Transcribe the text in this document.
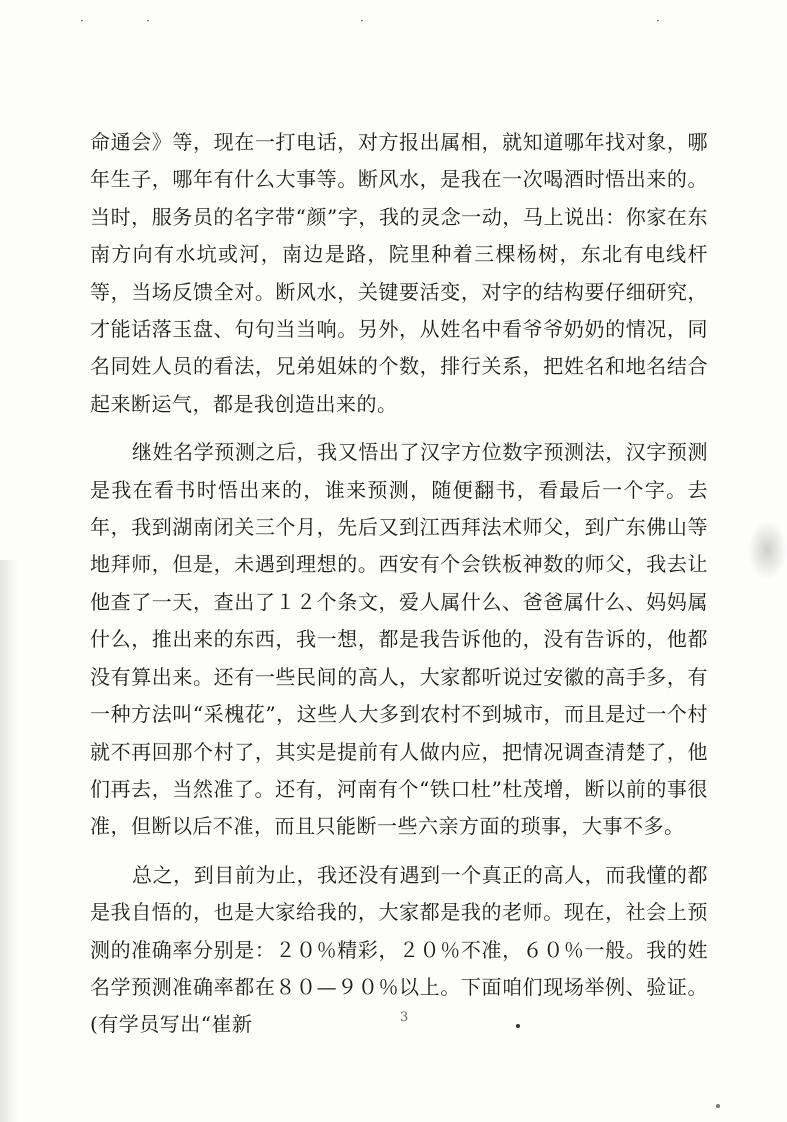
·	·	·	·

命通会》等，现在一打电话，对方报出属相，就知道哪年找对象，哪年生子，哪年有什么大事等。断风水，是我在一次喝酒时悟出来的。当时，服务员的名字带“颜”字，我的灵念一动，马上说出：你家在东南方向有水坑或河，南边是路，院里种着三棵杨树，东北有电线杆等，当场反馈全对。断风水，关键要活变，对字的结构要仔细研究，才能话落玉盘、句句当当响。另外，从姓名中看爷爷奶奶的情况，同名同姓人员的看法，兄弟姐妹的个数，排行关系，把姓名和地名结合起来断运气，都是我创造出来的。

继姓名学预测之后，我又悟出了汉字方位数字预测法，汉字预测是我在看书时悟出来的，谁来预测，随便翻书，看最后一个字。去年，我到湖南闭关三个月，先后又到江西拜法术师父，到广东佛山等地拜师，但是，未遇到理想的。西安有个会铁板神数的师父，我去让他查了一天，查出了１２个条文，爱人属什么、爸爸属什么、妈妈属什么，推出来的东西，我一想，都是我告诉他的，没有告诉的，他都没有算出来。还有一些民间的高人，大家都听说过安徽的高手多，有一种方法叫“采槐花”，这些人大多到农村不到城市，而且是过一个村就不再回那个村了，其实是提前有人做内应，把情况调查清楚了，他们再去，当然准了。还有，河南有个“铁口杜”杜茂增，断以前的事很准，但断以后不准，而且只能断一些六亲方面的琐事，大事不多。

总之，到目前为止，我还没有遇到一个真正的高人，而我懂的都是我自悟的，也是大家给我的，大家都是我的老师。现在，社会上预测的准确率分别是：２０％精彩，２０％不准，６０％一般。我的姓名学预测准确率都在８０—９０％以上。下面咱们现场举例、验证。(有学员写出“崔新	3
